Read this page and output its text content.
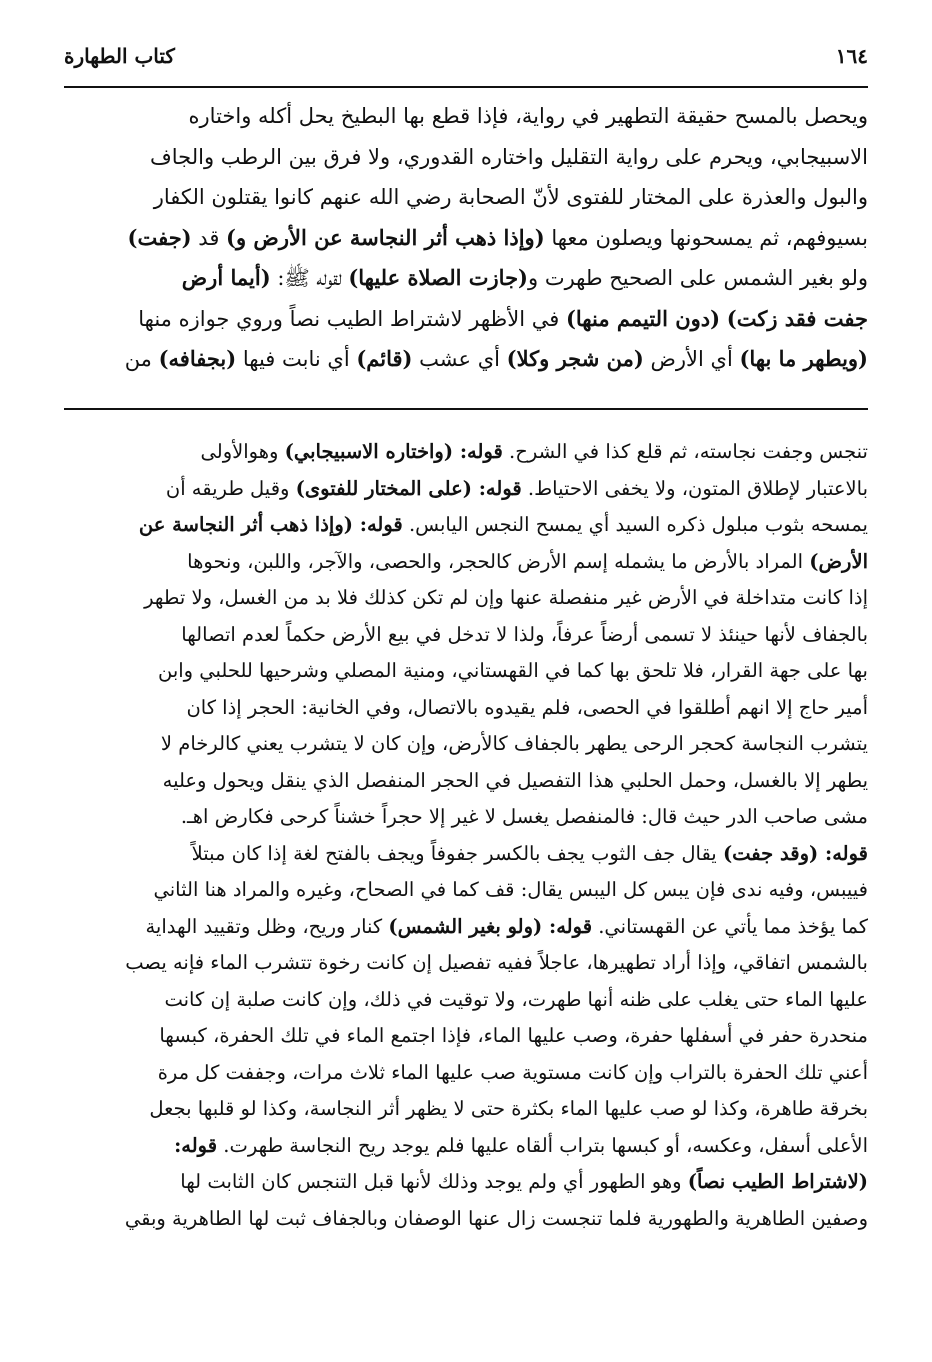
١٦٤
كتاب الطهارة
ويحصل بالمسح حقيقة التطهير في رواية، فإذا قطع بها البطيخ يحل أكله واختاره
الاسبيجابي، ويحرم على رواية التقليل واختاره القدوري، ولا فرق بين الرطب والجاف
والبول والعذرة على المختار للفتوى لأنّ الصحابة رضي الله عنهم كانوا يقتلون الكفار
بسيوفهم، ثم يمسحونها ويصلون معها (وإذا ذهب أثر النجاسة عن الأرض و) قد (جفت)
ولو بغير الشمس على الصحيح طهرت و(جازت الصلاة عليها) لقوله ﷺ: (أيما أرض
جفت فقد زكت) (دون التيمم منها) في الأظهر لاشتراط الطيب نصاً وروي جوازه منها
(ويطهر ما بها) أي الأرض (من شجر وكلا) أي عشب (قائم) أي نابت فيها (بجفافه) من
تنجس وجفت نجاسته، ثم قلع كذا في الشرح. قوله: (واختاره الاسبيجابي) وهوالأولى
بالاعتبار لإطلاق المتون، ولا يخفى الاحتياط. قوله: (على المختار للفتوى) وقيل طريقه أن
يمسحه بثوب مبلول ذكره السيد أي يمسح النجس اليابس. قوله: (وإذا ذهب أثر النجاسة عن
الأرض) المراد بالأرض ما يشمله إسم الأرض كالحجر، والحصى، والآجر، واللبن، ونحوها
إذا كانت متداخلة في الأرض غير منفصلة عنها وإن لم تكن كذلك فلا بد من الغسل، ولا تطهر
بالجفاف لأنها حينئذ لا تسمى أرضاً عرفاً، ولذا لا تدخل في بيع الأرض حكماً لعدم اتصالها
بها على جهة القرار، فلا تلحق بها كما في القهستاني، ومنية المصلي وشرحيها للحلبي وابن
أمير حاج إلا انهم أطلقوا في الحصى، فلم يقيدوه بالاتصال، وفي الخانية: الحجر إذا كان
يتشرب النجاسة كحجر الرحى يطهر بالجفاف كالأرض، وإن كان لا يتشرب يعني كالرخام لا
يطهر إلا بالغسل، وحمل الحلبي هذا التفصيل في الحجر المنفصل الذي ينقل ويحول وعليه
مشى صاحب الدر حيث قال: فالمنفصل يغسل لا غير إلا حجراً خشناً كرحى فكارض اهـ.
قوله: (وقد جفت) يقال جف الثوب يجف بالكسر جفوفاً ويجف بالفتح لغة إذا كان مبتلاً
فييبس، وفيه ندى فإن يبس كل اليبس يقال: قف كما في الصحاح، وغيره والمراد هنا الثاني
كما يؤخذ مما يأتي عن القهستاني. قوله: (ولو بغير الشمس) كنار وريح، وظل وتقييد الهداية
بالشمس اتفاقي، وإذا أراد تطهيرها، عاجلاً ففيه تفصيل إن كانت رخوة تتشرب الماء فإنه يصب
عليها الماء حتى يغلب على ظنه أنها طهرت، ولا توقيت في ذلك، وإن كانت صلبة إن كانت
منحدرة حفر في أسفلها حفرة، وصب عليها الماء، فإذا اجتمع الماء في تلك الحفرة، كبسها
أعني تلك الحفرة بالتراب وإن كانت مستوية صب عليها الماء ثلاث مرات، وجففت كل مرة
بخرقة طاهرة، وكذا لو صب عليها الماء بكثرة حتى لا يظهر أثر النجاسة، وكذا لو قلبها بجعل
الأعلى أسفل، وعكسه، أو كبسها بتراب ألقاه عليها فلم يوجد ريح النجاسة طهرت. قوله:
(لاشتراط الطيب نصاً) وهو الطهور أي ولم يوجد وذلك لأنها قبل التنجس كان الثابت لها
وصفين الطاهرية والطهورية فلما تنجست زال عنها الوصفان وبالجفاف ثبت لها الطاهرية وبقي
